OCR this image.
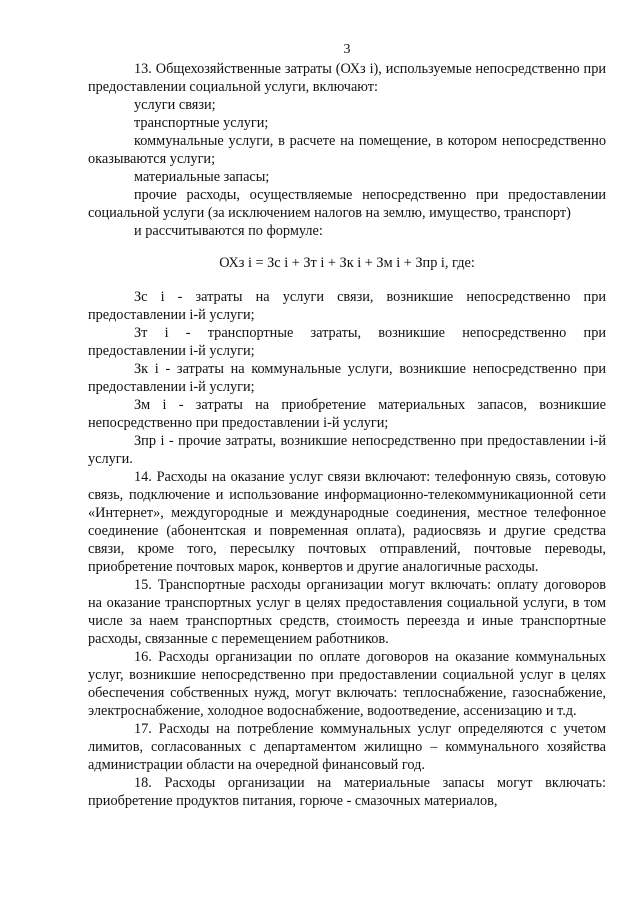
3

13. Общехозяйственные затраты (ОХз i), используемые непосредственно при предоставлении социальной услуги, включают:

услуги связи;

транспортные услуги;

коммунальные услуги, в расчете на помещение, в котором непосредственно оказываются услуги;

материальные запасы;

прочие расходы, осуществляемые непосредственно при предоставлении социальной услуги (за исключением налогов на землю, имущество, транспорт)

и рассчитываются по формуле:

ОХз i = Зс i + Зт i + Зк i + Зм i + Зпр i, где:

Зс i - затраты на услуги связи, возникшие непосредственно при предоставлении i-й услуги;

Зт i - транспортные затраты, возникшие непосредственно при предоставлении i-й услуги;

Зк i - затраты на коммунальные услуги, возникшие непосредственно при предоставлении i-й услуги;

Зм i - затраты на приобретение материальных запасов, возникшие непосредственно при предоставлении i-й услуги;

Зпр i - прочие затраты, возникшие непосредственно при предоставлении i-й услуги.

14. Расходы на оказание услуг связи включают: телефонную связь, сотовую связь, подключение и использование информационно-телекоммуникационной сети «Интернет», междугородные и международные соединения, местное телефонное соединение (абонентская и повременная оплата), радиосвязь и другие средства связи, кроме того, пересылку почтовых отправлений, почтовые переводы, приобретение почтовых марок, конвертов и другие аналогичные расходы.

15. Транспортные расходы организации могут включать: оплату договоров на оказание транспортных услуг в целях предоставления социальной услуги, в том числе за наем транспортных средств, стоимость переезда и иные транспортные расходы, связанные с перемещением работников.

16. Расходы организации по оплате договоров на оказание коммунальных услуг, возникшие непосредственно при предоставлении социальной услуг в целях обеспечения собственных нужд, могут включать: теплоснабжение, газоснабжение, электроснабжение, холодное водоснабжение, водоотведение, ассенизацию и т.д.

17. Расходы на потребление коммунальных услуг определяются с учетом лимитов, согласованных с департаментом жилищно – коммунального хозяйства администрации области на очередной финансовый год.

18. Расходы организации на материальные запасы могут включать: приобретение продуктов питания, горюче - смазочных материалов,
